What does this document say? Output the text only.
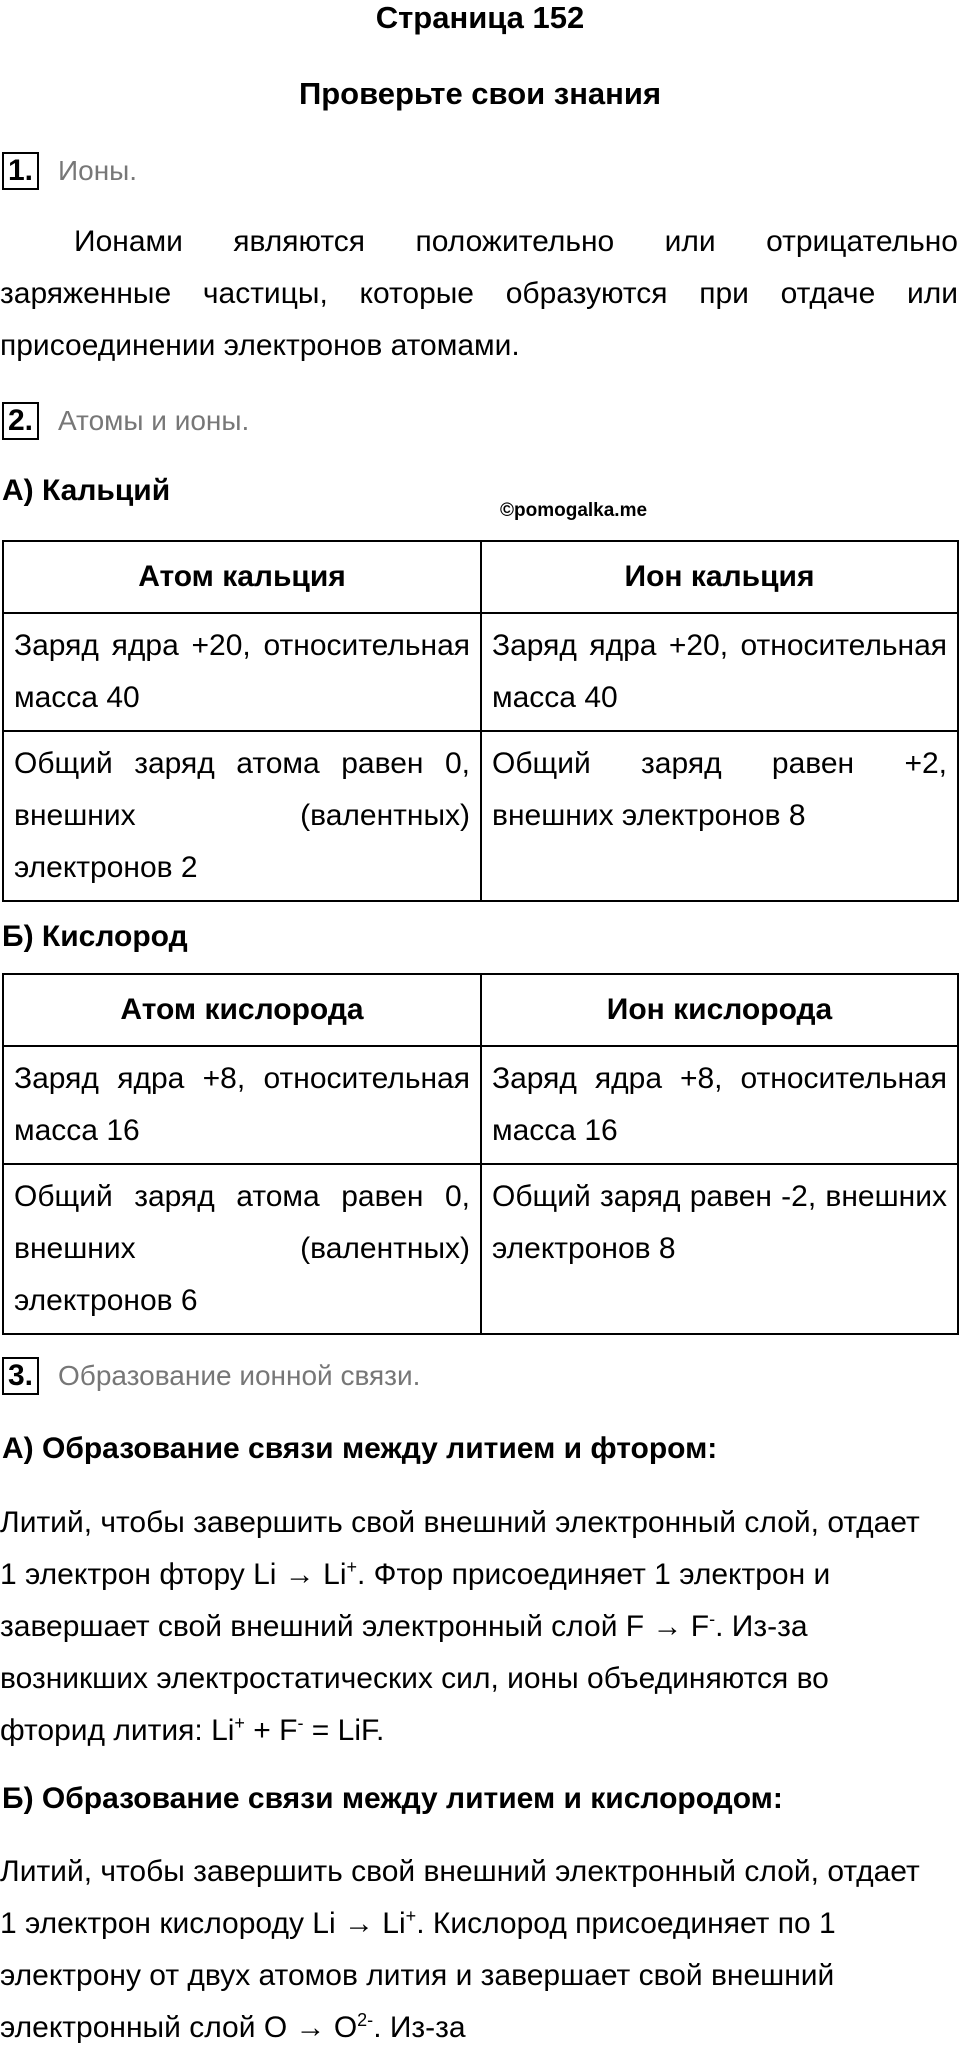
Страница 152
Проверьте свои знания
1. Ионы.
Ионами являются положительно или отрицательно заряженные частицы, которые образуются при отдаче или присоединении электронов атомами.
2. Атомы и ионы.
А) Кальций
©pomogalka.me
Атом кальция	Ион кальция
Заряд ядра +20, относительная масса 40	Заряд ядра +20, относительная масса 40
Общий заряд атома равен 0, внешних (валентных) электронов 2	Общий заряд равен +2, внешних электронов 8
Б) Кислород
Атом кислорода	Ион кислорода
Заряд ядра +8, относительная масса 16	Заряд ядра +8, относительная масса 16
Общий заряд атома равен 0, внешних (валентных) электронов 6	Общий заряд равен -2, внешних электронов 8
3. Образование ионной связи.
А) Образование связи между литием и фтором:
Литий, чтобы завершить свой внешний электронный слой, отдает 1 электрон фтору Li → Li+. Фтор присоединяет 1 электрон и завершает свой внешний электронный слой F → F-. Из-за возникших электростатических сил, ионы объединяются во фторид лития: Li+ + F- = LiF.
Б) Образование связи между литием и кислородом:
Литий, чтобы завершить свой внешний электронный слой, отдает 1 электрон кислороду Li → Li+. Кислород присоединяет по 1 электрону от двух атомов лития и завершает свой внешний электронный слой $O \to O^{2-}$. Из-за
